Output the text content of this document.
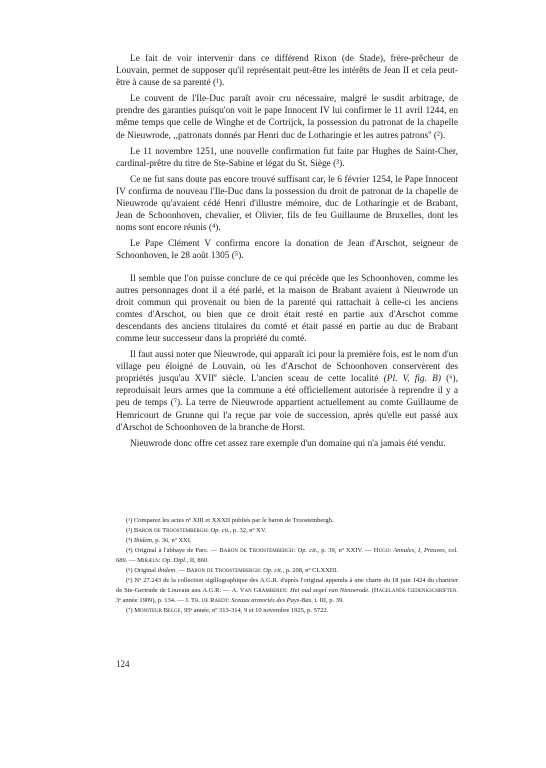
Le fait de voir intervenir dans ce différend Rixon (de Stade), frère-prêcheur de Louvain, permet de supposer qu'il représentait peut-être les intérêts de Jean II et cela peut-être à cause de sa parenté (¹).

Le couvent de l'Ile-Duc paraît avoir cru nécessaire, malgré le susdit arbitrage, de prendre des garanties puisqu'on voit le pape Innocent IV lui confirmer le 11 avril 1244, en même temps que celle de Winghe et de Cortrijck, la possession du patronat de la chapelle de Nieuwrode, ,,patronats donnés par Henri duc de Lotharingie et les autres patrons'' (²).

Le 11 novembre 1251, une nouvelle confirmation fut faite par Hughes de Saint-Cher, cardinal-prêtre du titre de Ste-Sabine et légat du St. Siège (³).

Ce ne fut sans doute pas encore trouvé suffisant car, le 6 février 1254, le Pape Innocent IV confirma de nouveau l'Ile-Duc dans la possession du droit de patronat de la chapelle de Nieuwrode qu'avaient cédé Henri d'illustre mémoire, duc de Lotharingie et de Brabant, Jean de Schoonhoven, chevalier, et Olivier, fils de feu Guillaume de Bruxelles, dont les noms sont encore réunis (⁴).

Le Pape Clément V confirma encore la donation de Jean d'Arschot, seigneur de Schoonhoven, le 28 août 1305 (⁵).

Il semble que l'on puisse conclure de ce qui précède que les Schoonhoven, comme les autres personnages dont il a été parlé, et la maison de Brabant avaient à Nieuwrode un droit commun qui provenait ou bien de la parenté qui rattachait à celle-ci les anciens comtes d'Arschot, ou bien que ce droit était resté en partie aux d'Arschot comme descendants des anciens titulaires du comté et était passé en partie au duc de Brabant comme leur successeur dans la propriété du comté.

Il faut aussi noter que Nieuwrode, qui apparaît ici pour la première fois, est le nom d'un village peu éloigné de Louvain, où les d'Arschot de Schoonhoven conservèrent des propriétés jusqu'au XVIIe siècle. L'ancien sceau de cette localité (Pl. V, fig. B) (⁶), reproduisait leurs armes que la commune a été officiellement autorisée à reprendre il y a peu de temps (⁷). La terre de Nieuwrode appartient actuellement au comte Guillaume de Hemricourt de Grunne qui l'a reçue par voie de succession, après qu'elle eut passé aux d'Arschot de Schoonhoven de la branche de Horst.

Nieuwrode donc offre cet assez rare exemple d'un domaine qui n'a jamais été vendu.

(¹) Comparez les actes nº XIII et XXXII publiés par le baron de Troostembergh.

(²) Baron de Troostembergh: Op. cit., p. 32, nº XV.

(³) Ibidem, p. 36, nº XXI.

(⁴) Original à l'abbaye de Parc. — Baron de Troostembergh: Op. cit., p. 39, nº XXIV. — Hugo: Annales, I, Preuves, col. 689. — Miræus: Op. Dipl., II, 860.

(⁵) Original ibidem. — Baron de Troostembergh: Op. cit., p. 208, nº CLXXIII.

(⁶) Nº 27.243 de la collection sigillographique des A.G.R. d'après l'original appendu à une charte du 18 juin 1424 du chartrier de Ste-Gertrude de Louvain aux A.G.R. — A. Van Gramberen: Het oud zegel van Nieuwrode. (Hagelands Gedenkschriften. 3ᵉ année 1909), p. 134. — J. Th. de Raedt: Sceaux armoriés des Pays-Bas, t. III, p. 39.

(⁷) Moniteur Belge, 95ᵉ année, nº 313-314, 9 et 10 novembre 1925, p. 5722.

124
